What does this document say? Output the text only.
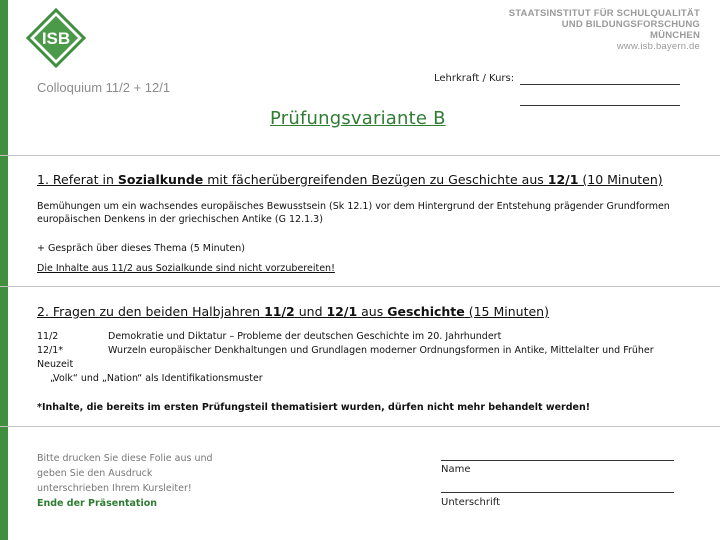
ISB
STAATSINSTITUT FÜR SCHULQUALITÄT
UND BILDUNGSFORSCHUNG
MÜNCHEN
www.isb.bayern.de
Colloquium 11/2 + 12/1
Lehrkraft / Kurs:
Prüfungsvariante B
1. Referat in Sozialkunde mit fächerübergreifenden Bezügen zu Geschichte aus 12/1 (10 Minuten)
Bemühungen um ein wachsendes europäisches Bewusstsein (Sk 12.1) vor dem Hintergrund der Entstehung prägender Grundformen europäischen Denkens in der griechischen Antike (G 12.1.3)
+ Gespräch über dieses Thema (5 Minuten)
Die Inhalte aus 11/2 aus Sozialkunde sind nicht vorzubereiten!
2. Fragen zu den beiden Halbjahren 11/2 und 12/1 aus Geschichte (15 Minuten)
11/2	Demokratie und Diktatur – Probleme der deutschen Geschichte im 20. Jahrhundert
12/1*	Wurzeln europäischer Denkhaltungen und Grundlagen moderner Ordnungsformen in Antike, Mittelalter und Früher
Neuzeit
„Volk“ und „Nation“ als Identifikationsmuster
*Inhalte, die bereits im ersten Prüfungsteil thematisiert wurden, dürfen nicht mehr behandelt werden!
Bitte drucken Sie diese Folie aus und
geben Sie den Ausdruck
unterschrieben Ihrem Kursleiter!
Ende der Präsentation
Name
Unterschrift
